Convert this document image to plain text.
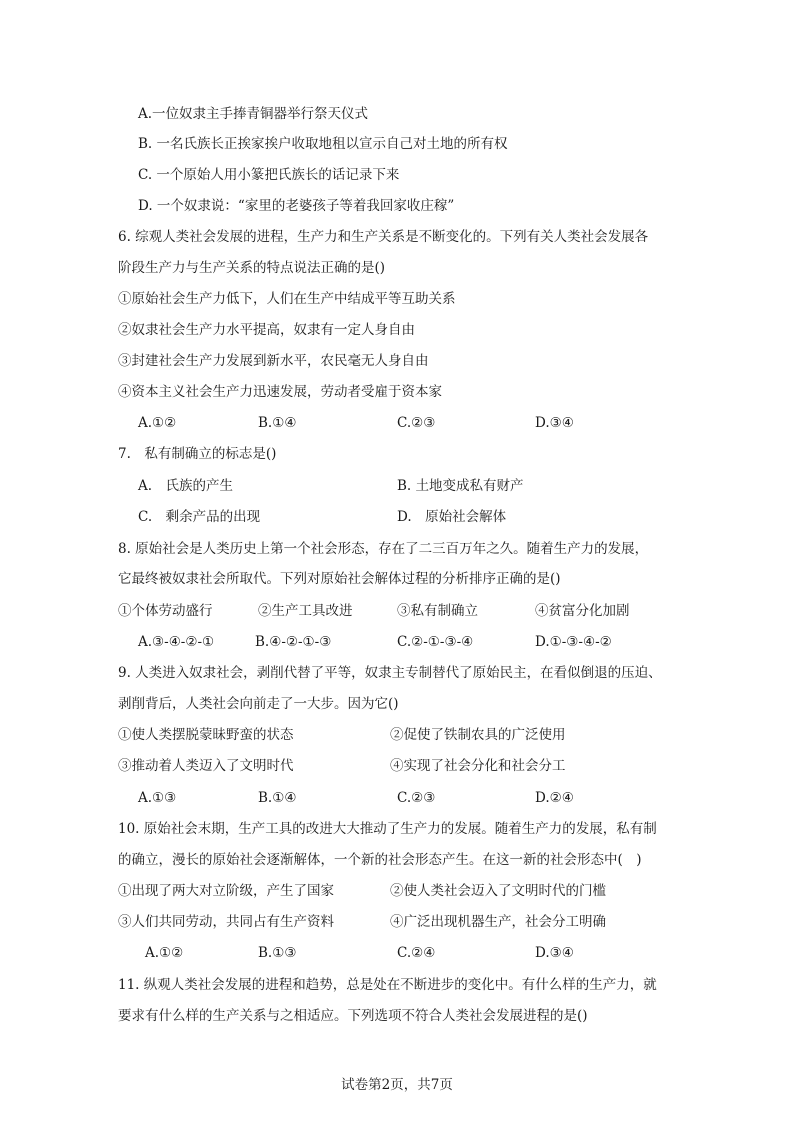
A.一位奴隶主手捧青铜器举行祭天仪式
B. 一名氏族长正挨家挨户收取地租以宣示自己对土地的所有权
C. 一个原始人用小篆把氏族长的话记录下来
D. 一个奴隶说：“家里的老婆孩子等着我回家收庄稼”
6. 综观人类社会发展的进程，生产力和生产关系是不断变化的。下列有关人类社会发展各
阶段生产力与生产关系的特点说法正确的是()
①原始社会生产力低下，人们在生产中结成平等互助关系
②奴隶社会生产力水平提高，奴隶有一定人身自由
③封建社会生产力发展到新水平，农民毫无人身自由
④资本主义社会生产力迅速发展，劳动者受雇于资本家
A.①②	B.①④	C.②③	D.③④
7.　私有制确立的标志是()
A.　氏族的产生	B. 土地变成私有财产
C.　剩余产品的出现	D.　原始社会解体
8. 原始社会是人类历史上第一个社会形态，存在了二三百万年之久。随着生产力的发展，
它最终被奴隶社会所取代。下列对原始社会解体过程的分析排序正确的是()
①个体劳动盛行	②生产工具改进	③私有制确立	④贫富分化加剧
A.③-④-②-①	B.④-②-①-③	C.②-①-③-④	D.①-③-④-②
9. 人类进入奴隶社会，剥削代替了平等，奴隶主专制替代了原始民主，在看似倒退的压迫、
剥削背后，人类社会向前走了一大步。因为它()
①使人类摆脱蒙昧野蛮的状态	②促使了铁制农具的广泛使用
③推动着人类迈入了文明时代	④实现了社会分化和社会分工
A.①③	B.①④	C.②③	D.②④
10. 原始社会末期，生产工具的改进大大推动了生产力的发展。随着生产力的发展，私有制
的确立，漫长的原始社会逐渐解体，一个新的社会形态产生。在这一新的社会形态中(　)
①出现了两大对立阶级，产生了国家	②使人类社会迈入了文明时代的门槛
③人们共同劳动，共同占有生产资料	④广泛出现机器生产，社会分工明确
A.①②	B.①③	C.②④	D.③④
11. 纵观人类社会发展的进程和趋势，总是处在不断进步的变化中。有什么样的生产力，就
要求有什么样的生产关系与之相适应。下列选项不符合人类社会发展进程的是()
试卷第2页，共7页
